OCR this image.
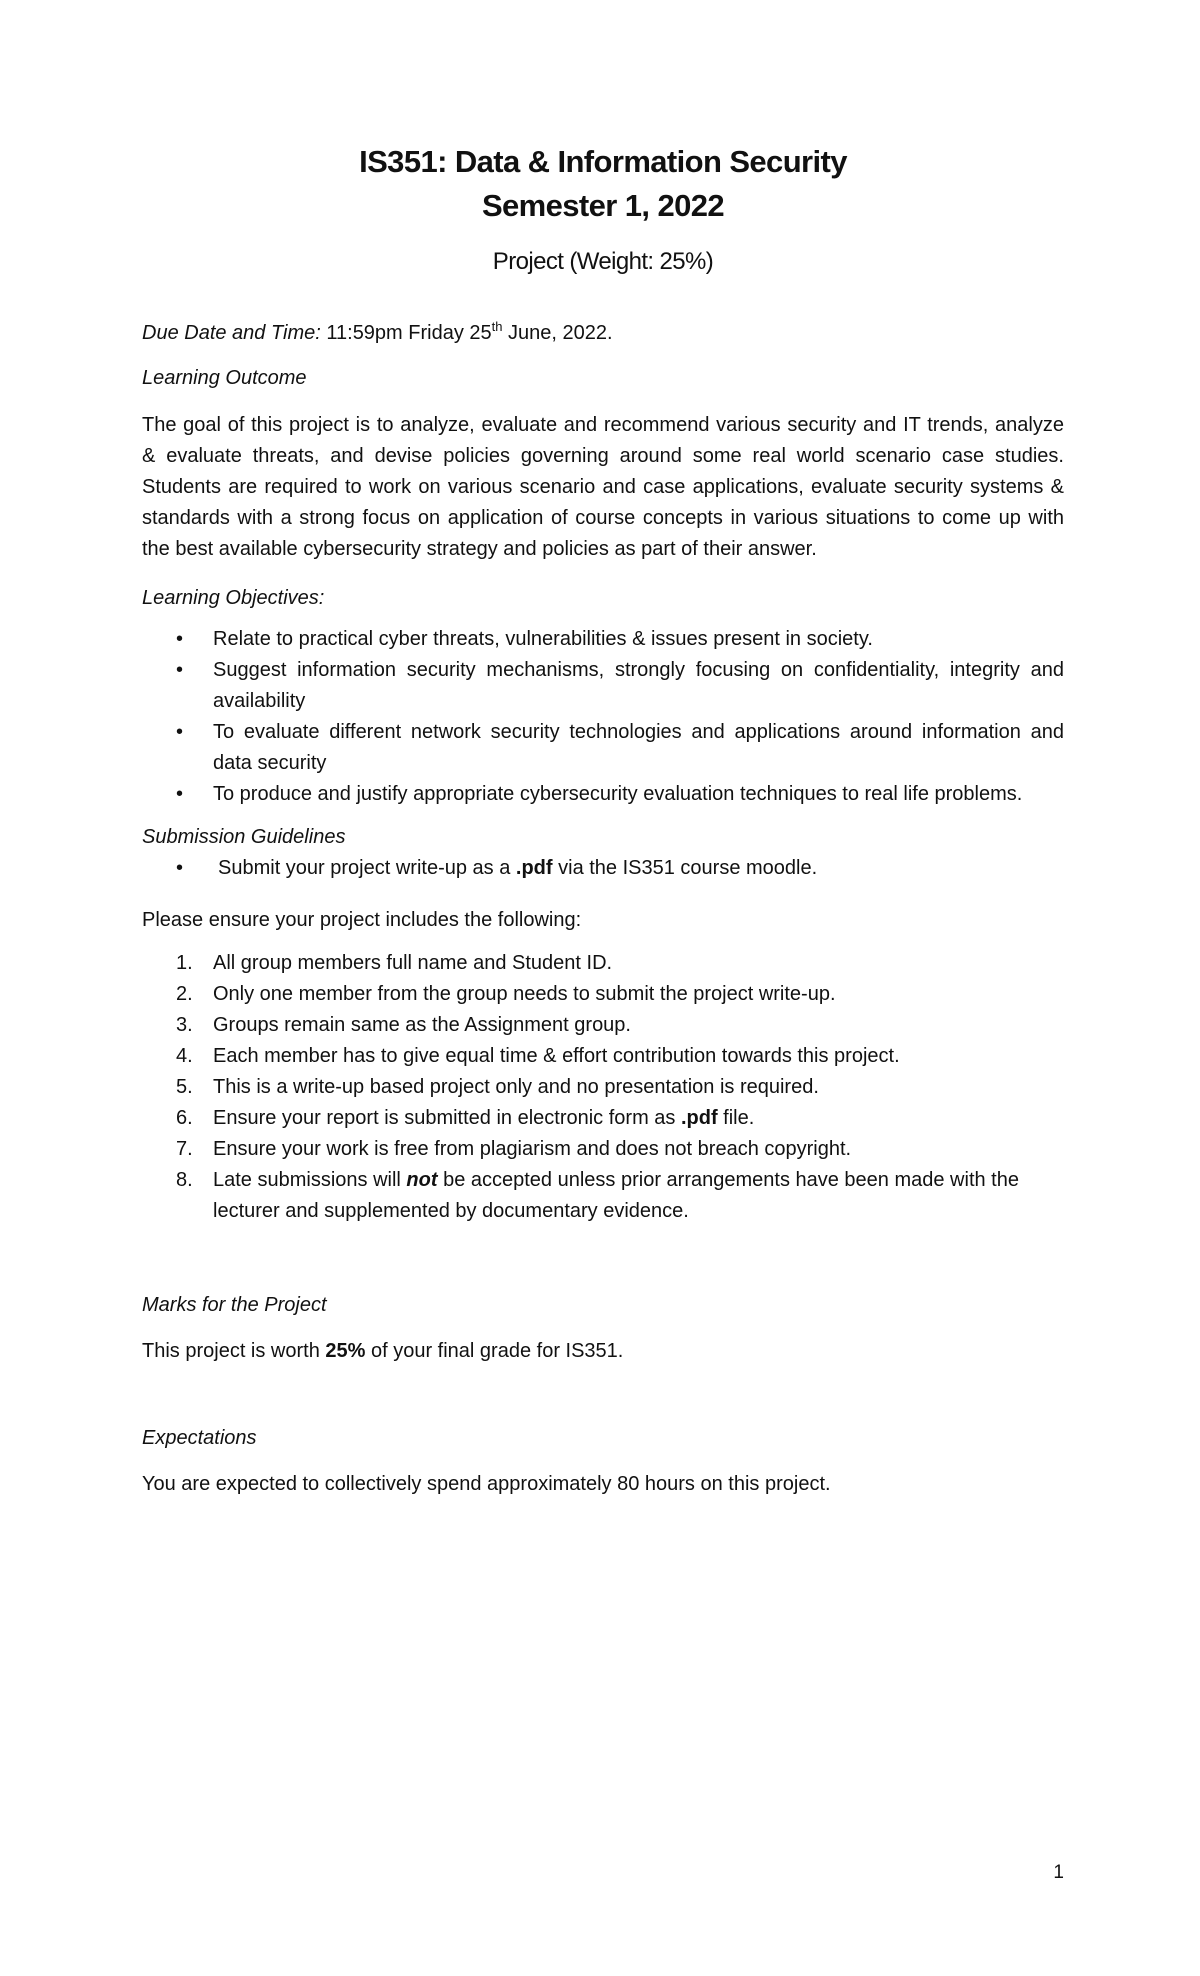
IS351: Data & Information Security
Semester 1, 2022

Project (Weight: 25%)

Due Date and Time: 11:59pm Friday 25th June, 2022.

Learning Outcome

The goal of this project is to analyze, evaluate and recommend various security and IT trends, analyze & evaluate threats, and devise policies governing around some real world scenario case studies. Students are required to work on various scenario and case applications, evaluate security systems & standards with a strong focus on application of course concepts in various situations to come up with the best available cybersecurity strategy and policies as part of their answer.

Learning Objectives:

• Relate to practical cyber threats, vulnerabilities & issues present in society.
• Suggest information security mechanisms, strongly focusing on confidentiality, integrity and availability
• To evaluate different network security technologies and applications around information and data security
• To produce and justify appropriate cybersecurity evaluation techniques to real life problems.

Submission Guidelines

• Submit your project write-up as a .pdf via the IS351 course moodle.

Please ensure your project includes the following:

1. All group members full name and Student ID.
2. Only one member from the group needs to submit the project write-up.
3. Groups remain same as the Assignment group.
4. Each member has to give equal time & effort contribution towards this project.
5. This is a write-up based project only and no presentation is required.
6. Ensure your report is submitted in electronic form as .pdf file.
7. Ensure your work is free from plagiarism and does not breach copyright.
8. Late submissions will not be accepted unless prior arrangements have been made with the lecturer and supplemented by documentary evidence.

Marks for the Project

This project is worth 25% of your final grade for IS351.

Expectations

You are expected to collectively spend approximately 80 hours on this project.

1
